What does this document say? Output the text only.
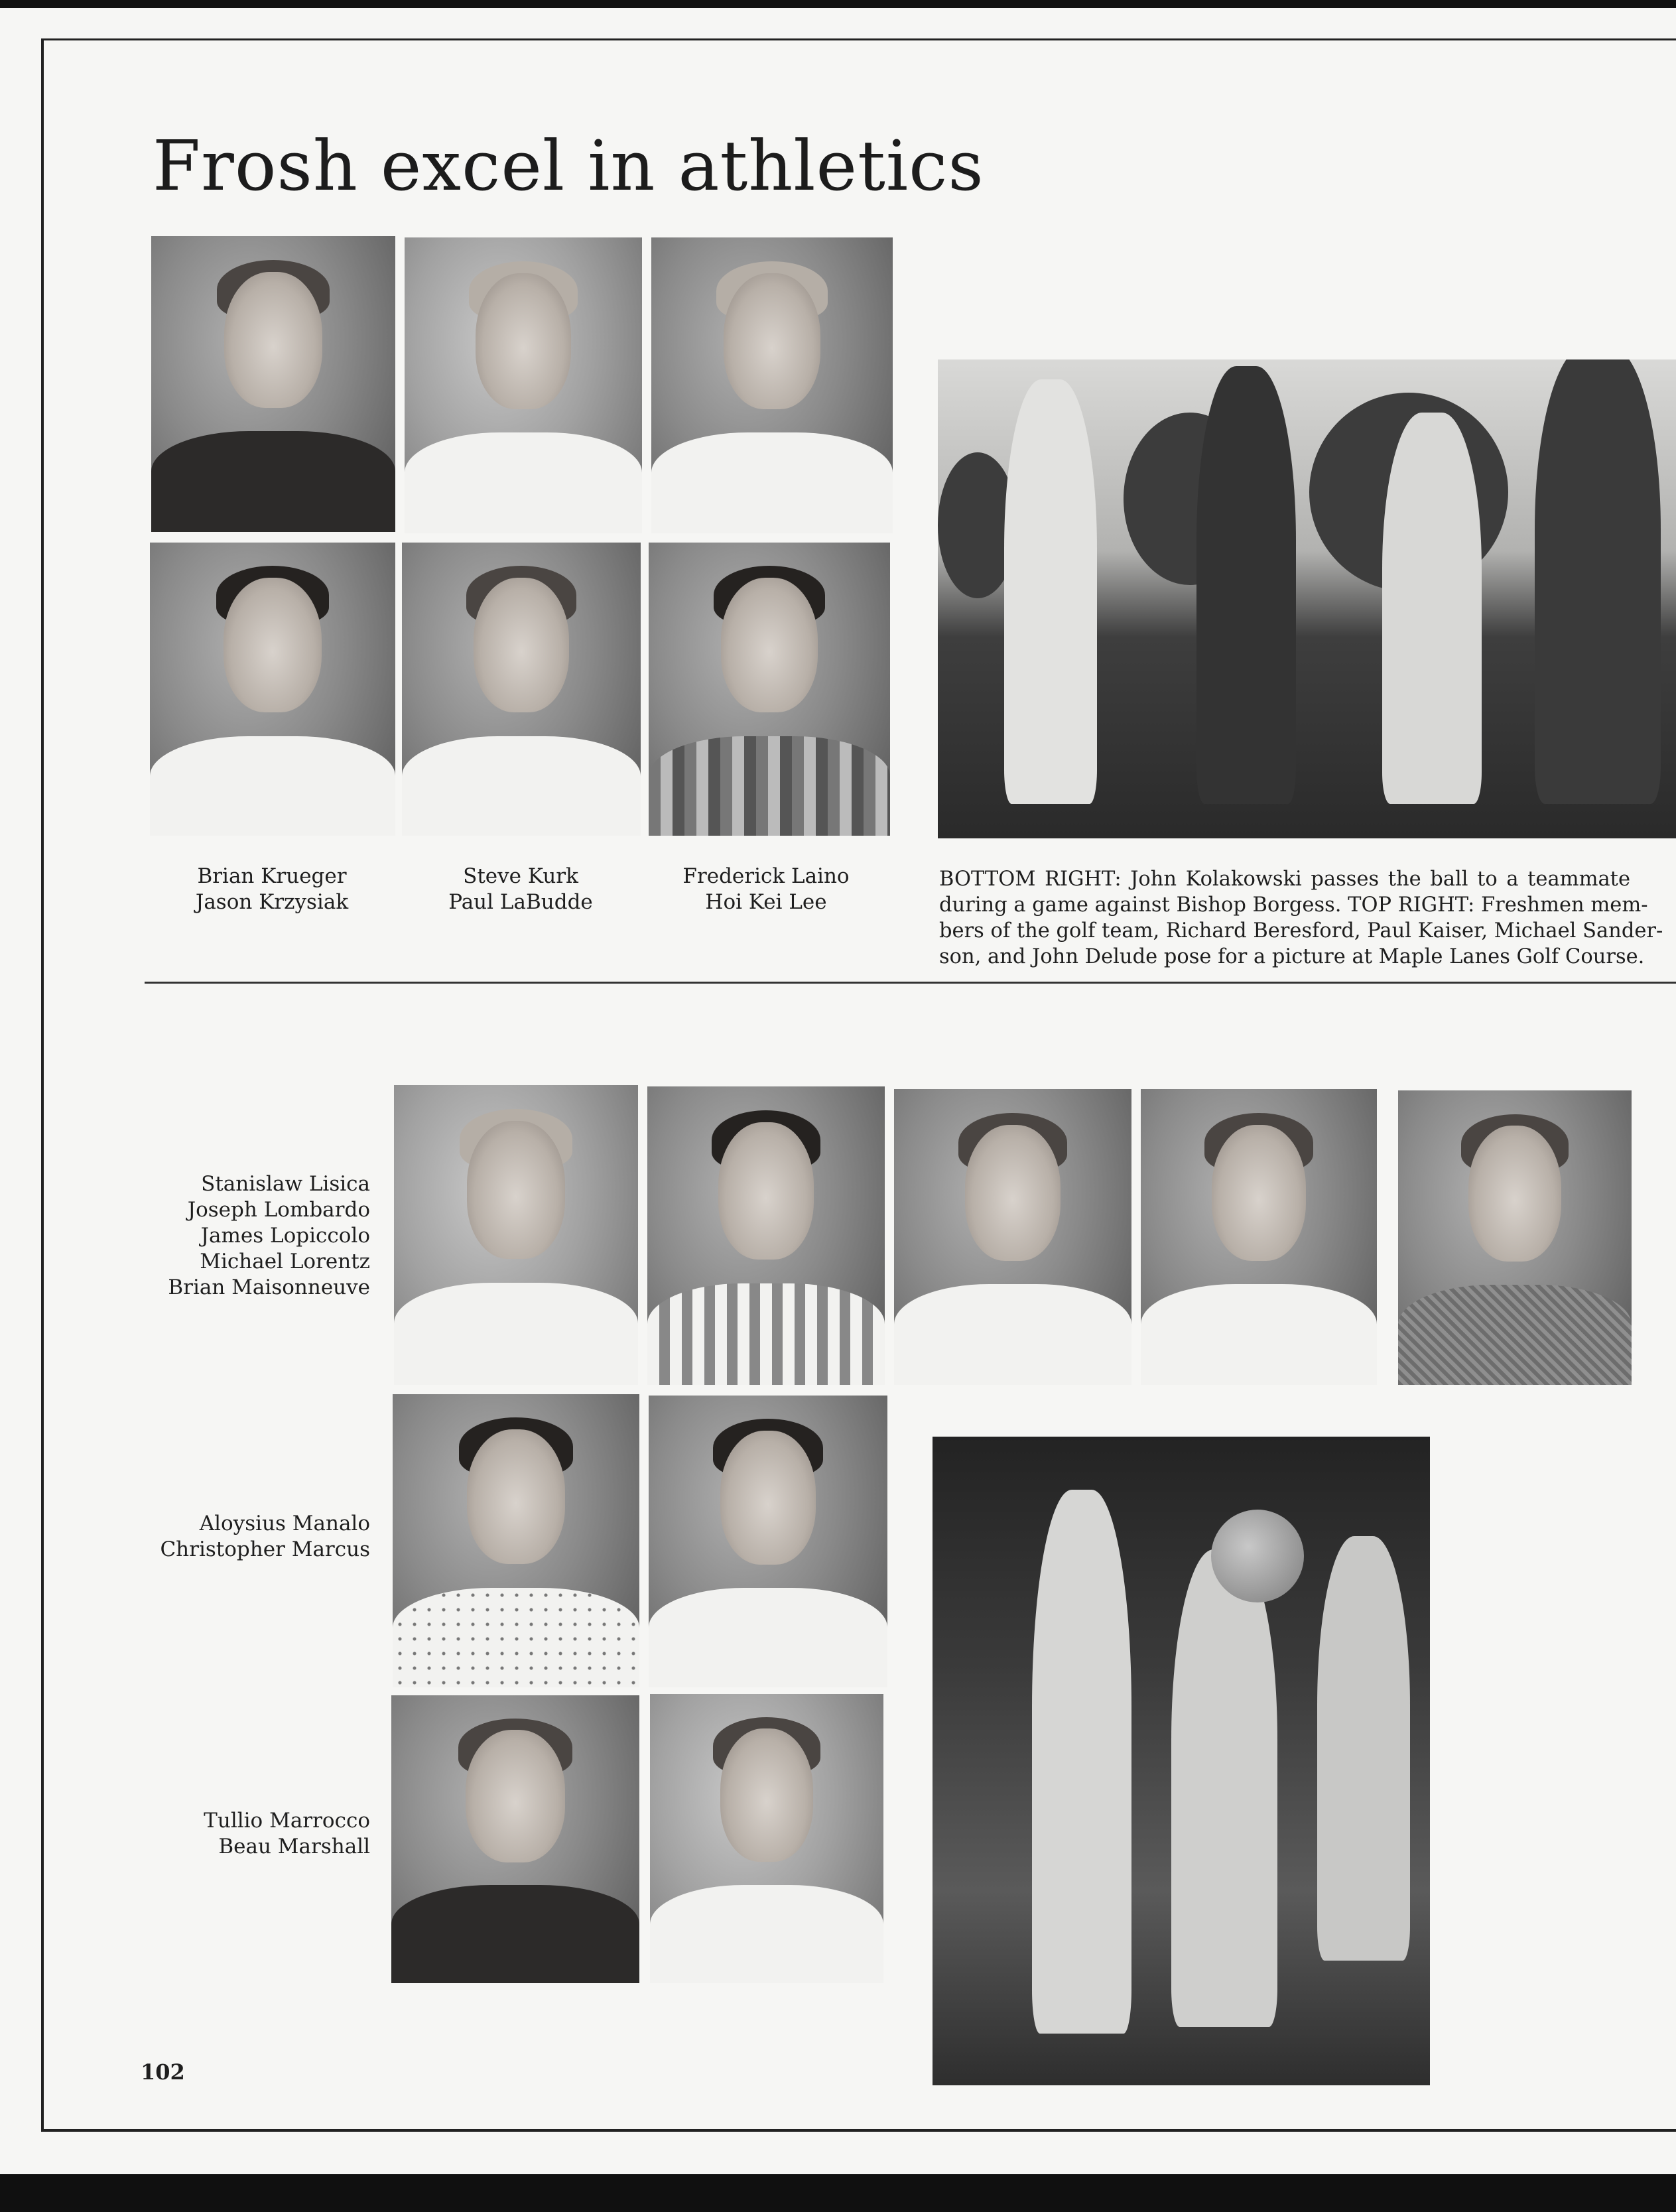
Frosh excel in athletics
Brian Krueger
Jason Krzysiak
Steve Kurk
Paul LaBudde
Frederick Laino
Hoi Kei Lee
BOTTOM RIGHT: John Kolakowski passes the ball to a teammate
during a game against Bishop Borgess. TOP RIGHT: Freshmen mem-
bers of the golf team, Richard Beresford, Paul Kaiser, Michael Sander-
son, and John Delude pose for a picture at Maple Lanes Golf Course.
Stanislaw Lisica
Joseph Lombardo
James Lopiccolo
Michael Lorentz
Brian Maisonneuve
Aloysius Manalo
Christopher Marcus
Tullio Marrocco
Beau Marshall
102
